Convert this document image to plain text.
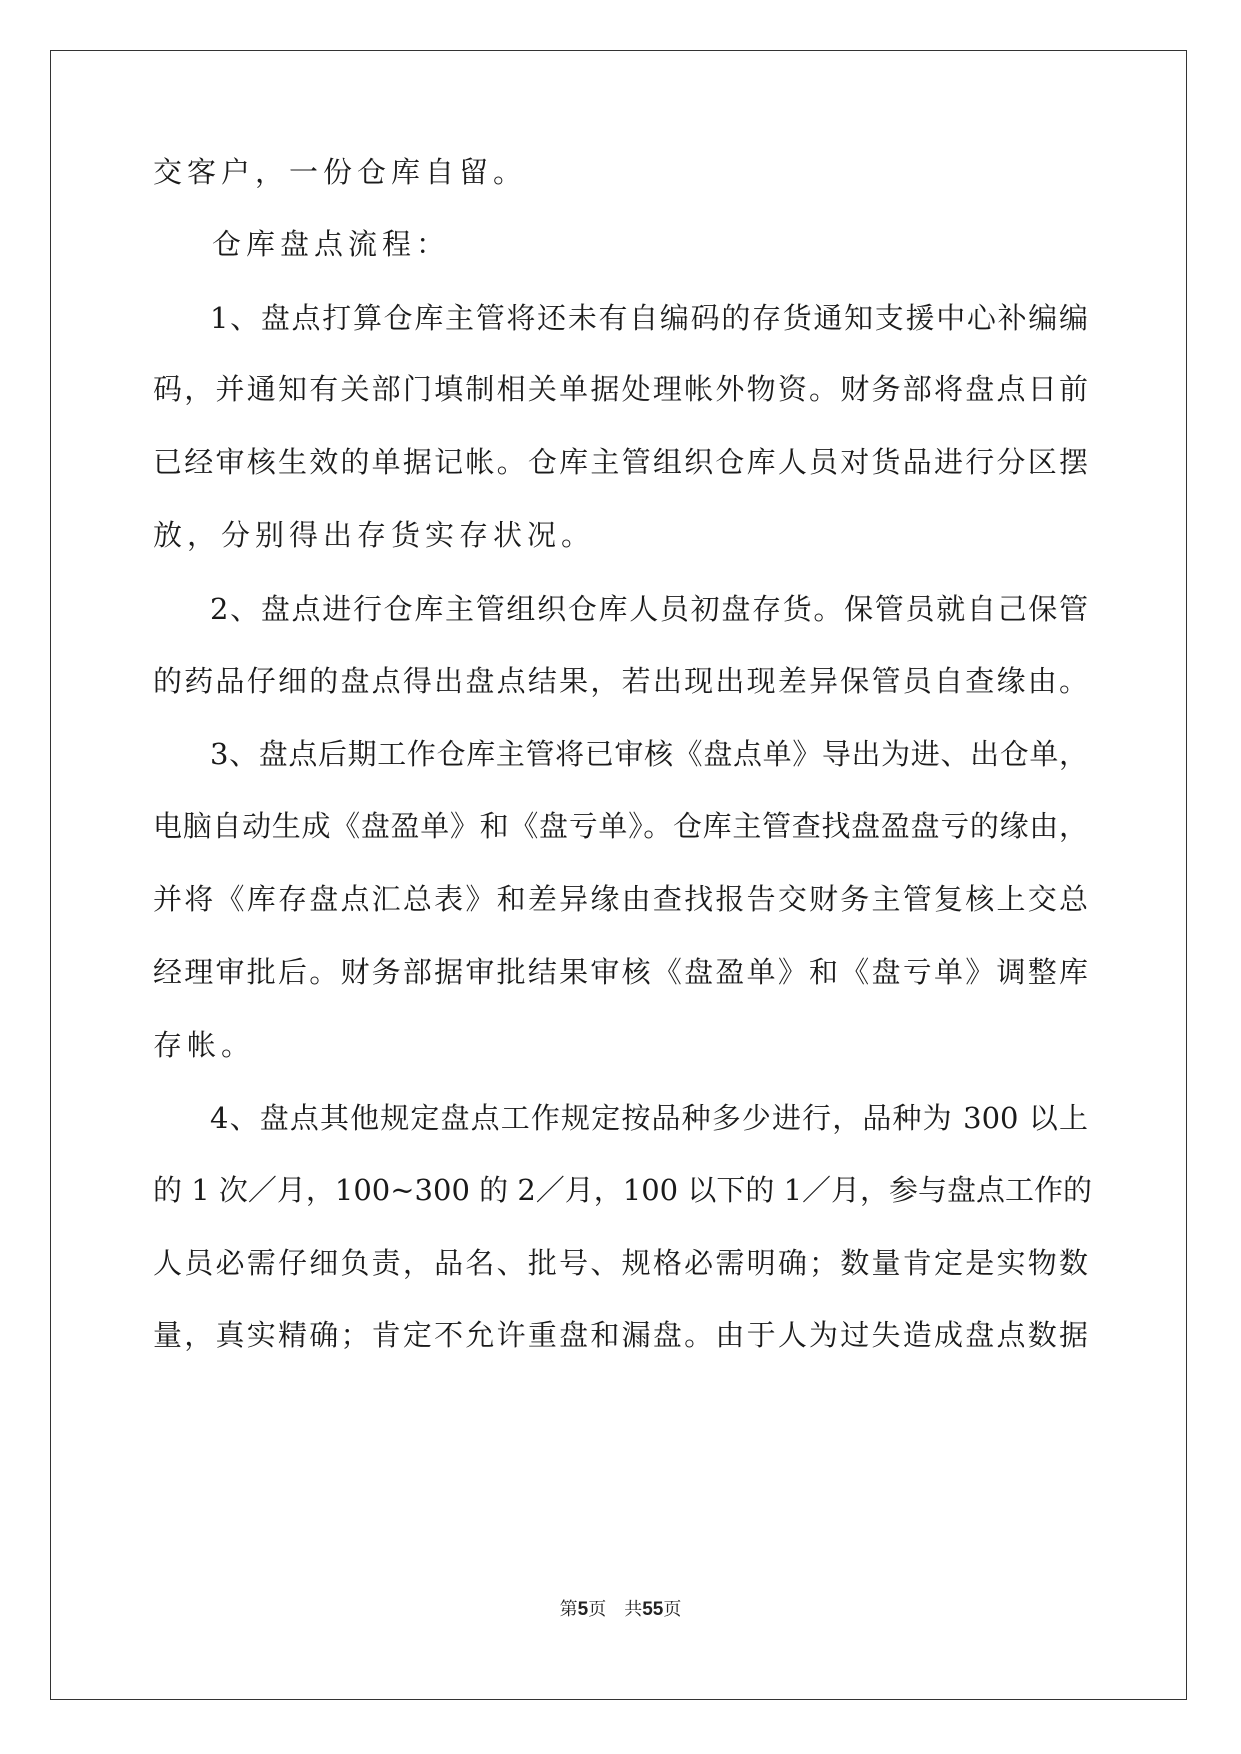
交客户，一份仓库自留。
仓库盘点流程：
1、盘点打算仓库主管将还未有自编码的存货通知支援中心补编编
码，并通知有关部门填制相关单据处理帐外物资。财务部将盘点日前
已经审核生效的单据记帐。仓库主管组织仓库人员对货品进行分区摆
放，分别得出存货实存状况。
2、盘点进行仓库主管组织仓库人员初盘存货。保管员就自己保管
的药品仔细的盘点得出盘点结果，若出现出现差异保管员自查缘由。
3、盘点后期工作仓库主管将已审核《盘点单》导出为进、出仓单，
电脑自动生成《盘盈单》和《盘亏单》。仓库主管查找盘盈盘亏的缘由，
并将《库存盘点汇总表》和差异缘由查找报告交财务主管复核上交总
经理审批后。财务部据审批结果审核《盘盈单》和《盘亏单》调整库
存帐。
4、盘点其他规定盘点工作规定按品种多少进行，品种为 300 以上
的 1 次／月，100~300 的 2／月，100 以下的 1／月，参与盘点工作的
人员必需仔细负责，品名、批号、规格必需明确；数量肯定是实物数
量，真实精确；肯定不允许重盘和漏盘。由于人为过失造成盘点数据
第5页　共55页
